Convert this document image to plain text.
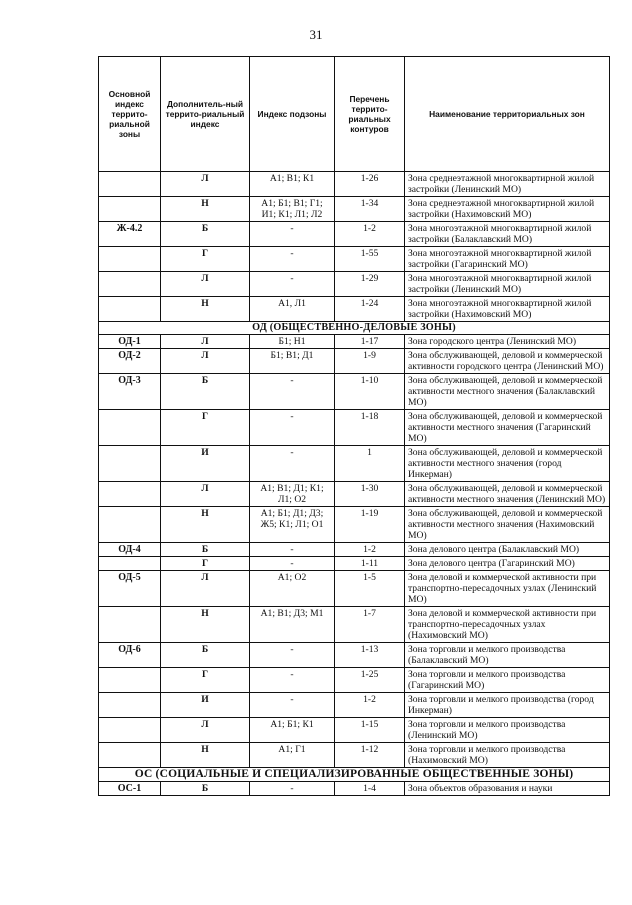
31
Основной индекс террито-риальной зоны	Дополнитель-ный террито-риальный индекс	Индекс подзоны	Перечень террито-риальных контуров	Наименование территориальных зон
	Л	А1; В1; К1	1-26	Зона среднеэтажной многоквартирной жилой застройки (Ленинский МО)
	Н	А1; Б1; В1; Г1; И1; К1; Л1; Л2	1-34	Зона среднеэтажной многоквартирной жилой застройки (Нахимовский МО)
Ж-4.2	Б	-	1-2	Зона многоэтажной многоквартирной жилой застройки (Балаклавский МО)
	Г	-	1-55	Зона многоэтажной многоквартирной жилой застройки (Гагаринский МО)
	Л	-	1-29	Зона многоэтажной многоквартирной жилой застройки (Ленинский МО)
	Н	А1, Л1	1-24	Зона многоэтажной многоквартирной жилой застройки (Нахимовский МО)
ОД (ОБЩЕСТВЕННО-ДЕЛОВЫЕ ЗОНЫ)				
ОД-1	Л	Б1; Н1	1-17	Зона городского центра (Ленинский МО)
ОД-2	Л	Б1; В1; Д1	1-9	Зона обслуживающей, деловой и коммерческой активности городского центра (Ленинский МО)
ОД-3	Б	-	1-10	Зона обслуживающей, деловой и коммерческой активности местного значения (Балаклавский МО)
	Г	-	1-18	Зона обслуживающей, деловой и коммерческой активности местного значения (Гагаринский МО)
	И	-	1	Зона обслуживающей, деловой и коммерческой активности местного значения (город Инкерман)
	Л	А1; В1; Д1; К1; Л1; О2	1-30	Зона обслуживающей, деловой и коммерческой активности местного значения (Ленинский МО)
	Н	А1; Б1; Д1; Д3; Ж5; К1; Л1; О1	1-19	Зона обслуживающей, деловой и коммерческой активности местного значения (Нахимовский МО)
ОД-4	Б	-	1-2	Зона делового центра (Балаклавский МО)
	Г	-	1-11	Зона делового центра (Гагаринский МО)
ОД-5	Л	А1; О2	1-5	Зона деловой и коммерческой активности при транспортно-пересадочных узлах (Ленинский МО)
	Н	А1; В1; Д3; М1	1-7	Зона деловой и коммерческой активности при транспортно-пересадочных узлах (Нахимовский МО)
ОД-6	Б	-	1-13	Зона торговли и мелкого производства (Балаклавский МО)
	Г	-	1-25	Зона торговли и мелкого производства (Гагаринский МО)
	И	-	1-2	Зона торговли и мелкого производства (город Инкерман)
	Л	А1; Б1; К1	1-15	Зона торговли и мелкого производства (Ленинский МО)
	Н	А1; Г1	1-12	Зона торговли и мелкого производства (Нахимовский МО)
ОС (СОЦИАЛЬНЫЕ И СПЕЦИАЛИЗИРОВАННЫЕ ОБЩЕСТВЕННЫЕ ЗОНЫ)				
ОС-1	Б	-	1-4	Зона объектов образования и науки
